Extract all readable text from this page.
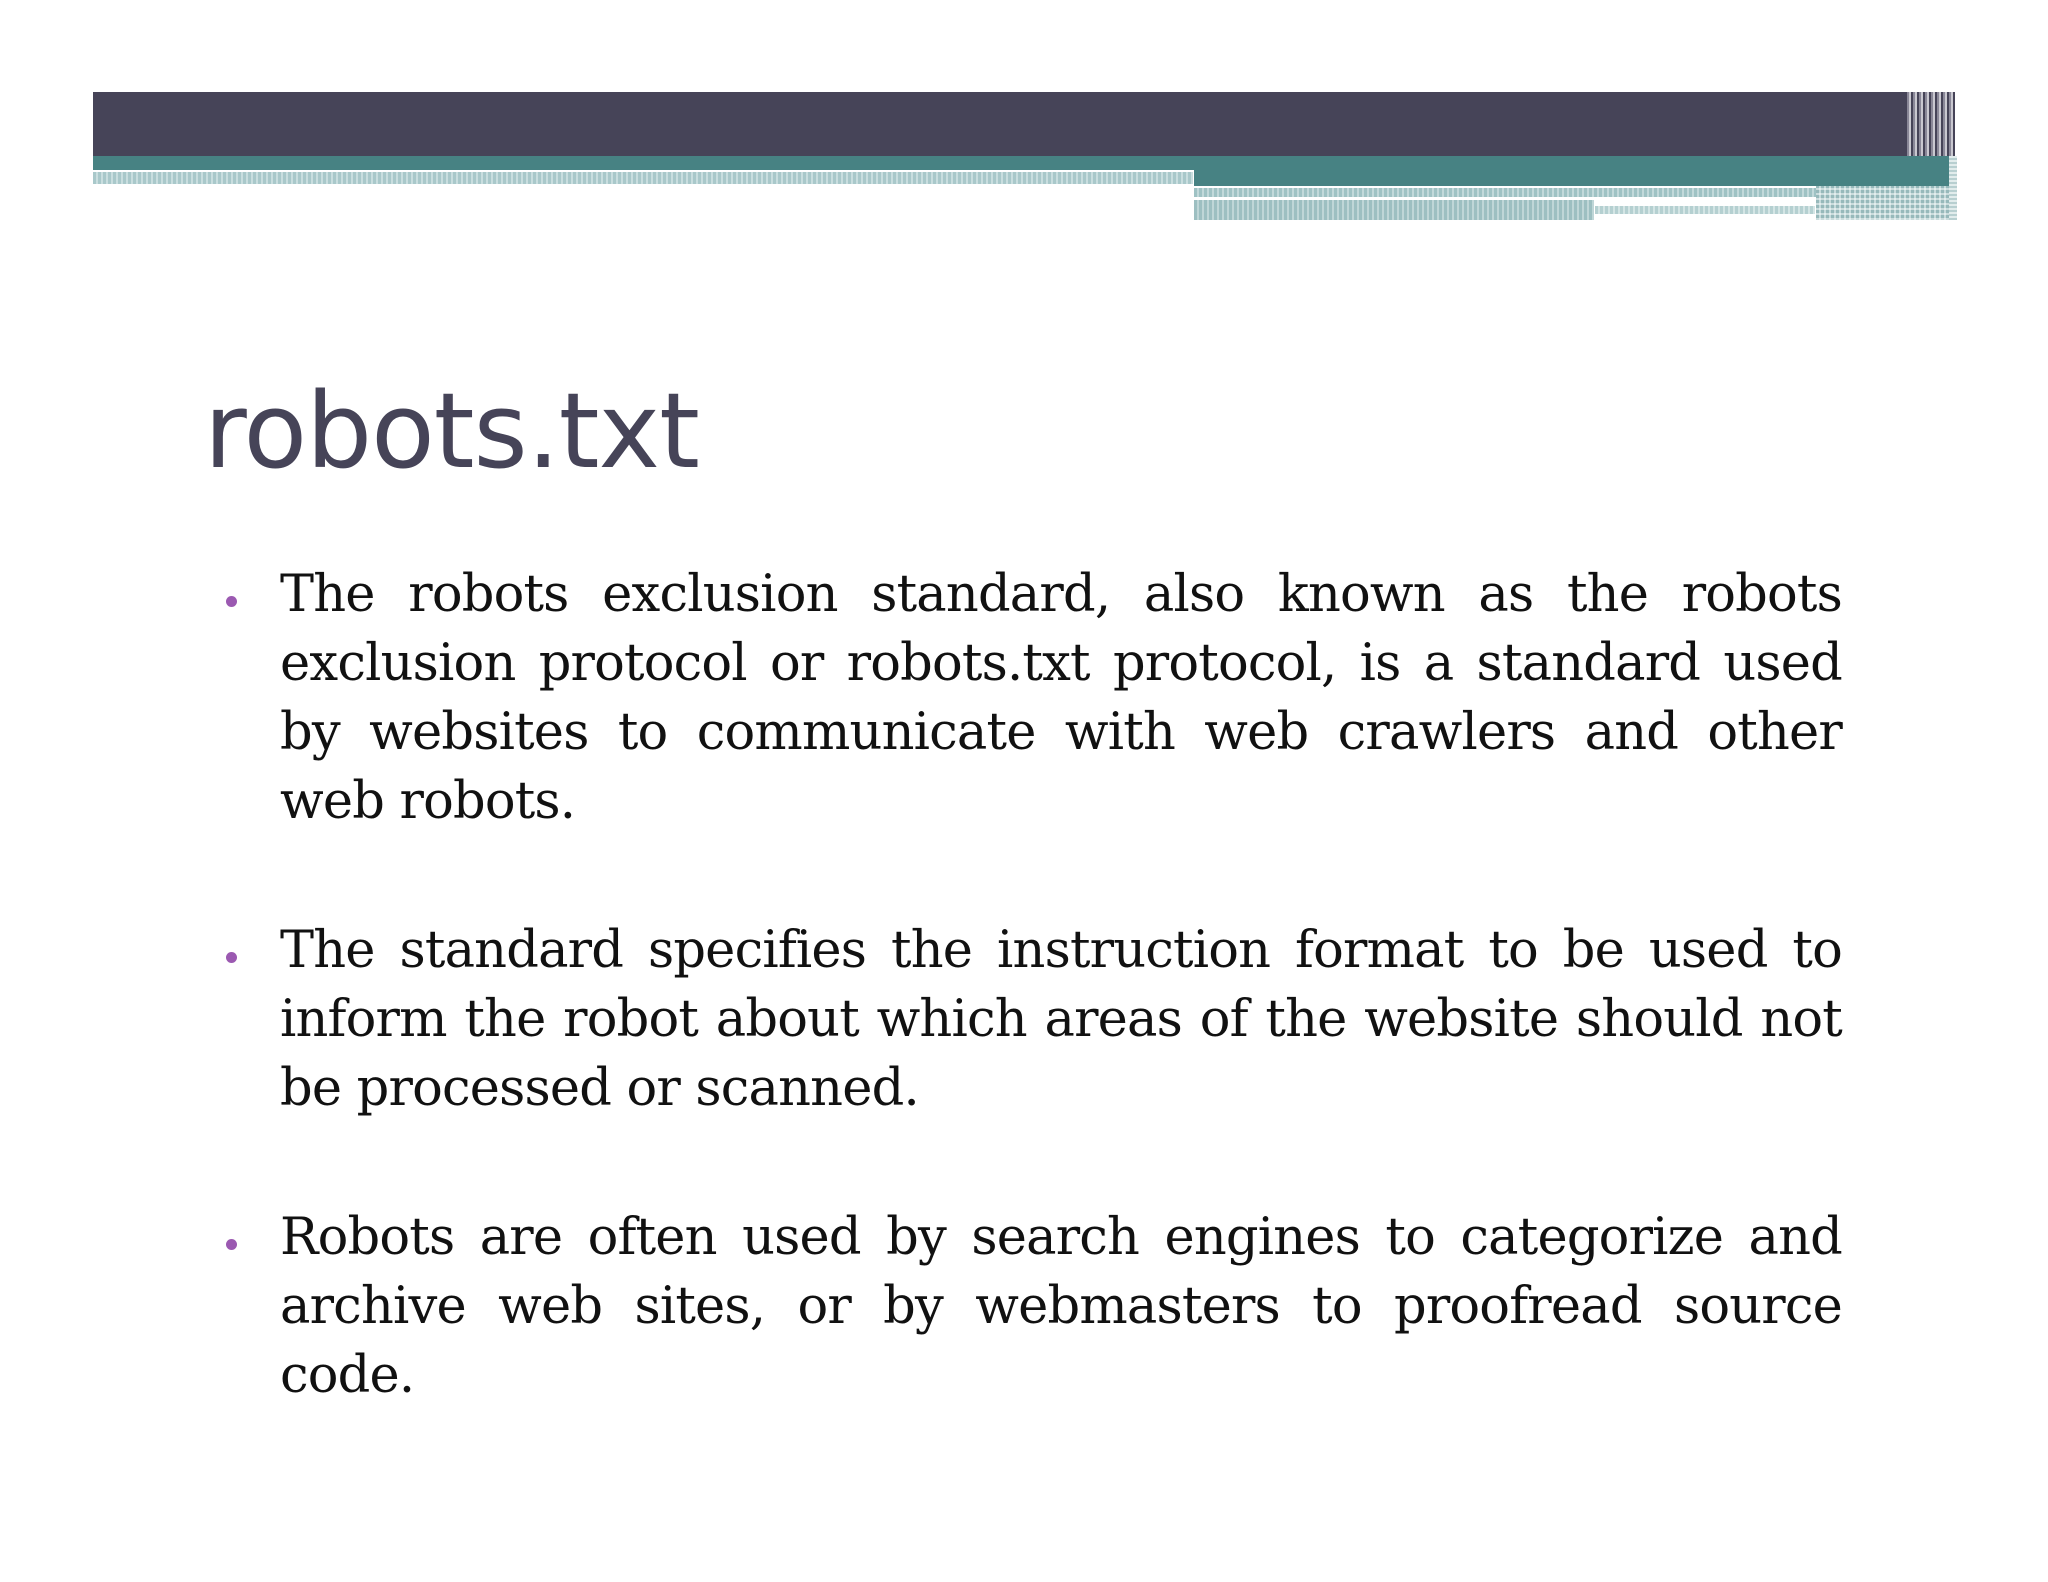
robots.txt
The robots exclusion standard, also known as the robots exclusion protocol or robots.txt protocol, is a standard used by websites to communicate with web crawlers and other web robots.
The standard specifies the instruction format to be used to inform the robot about which areas of the website should not be processed or scanned.
Robots are often used by search engines to categorize and archive web sites, or by webmasters to proofread source code.
